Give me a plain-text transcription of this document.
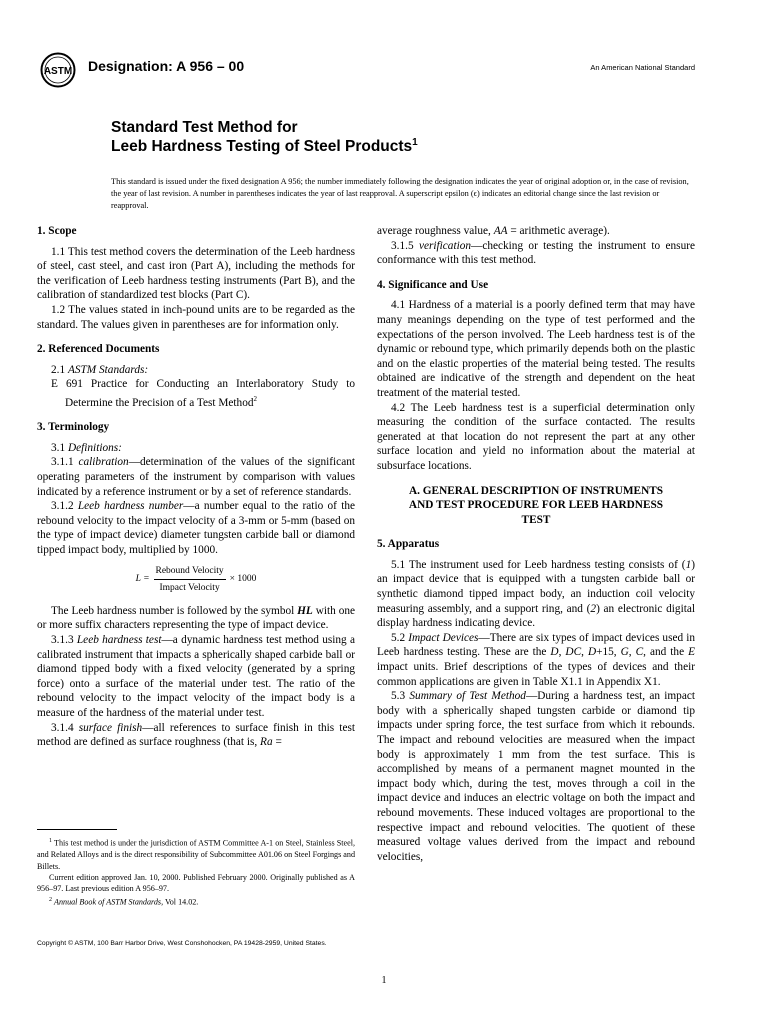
ASTM Designation: A 956 – 00	An American National Standard
Standard Test Method for
Leeb Hardness Testing of Steel Products$^1$
This standard is issued under the fixed designation A 956; the number immediately following the designation indicates the year of original adoption or, in the case of revision, the year of last revision. A number in parentheses indicates the year of last reapproval. A superscript epsilon (ϵ) indicates an editorial change since the last revision or reapproval.

1. Scope

1.1 This test method covers the determination of the Leeb hardness of steel, cast steel, and cast iron (Part A), including the methods for the verification of Leeb hardness testing instruments (Part B), and the calibration of standardized test blocks (Part C).

1.2 The values stated in inch-pound units are to be regarded as the standard. The values given in parentheses are for information only.

2. Referenced Documents

2.1 ASTM Standards:

E 691 Practice for Conducting an Interlaboratory Study to Determine the Precision of a Test Method$^2$

3. Terminology

3.1 Definitions:

3.1.1 calibration—determination of the values of the significant operating parameters of the instrument by comparison with values indicated by a reference instrument or by a set of reference standards.

3.1.2 Leeb hardness number—a number equal to the ratio of the rebound velocity to the impact velocity of a 3-mm or 5-mm (based on the type of impact device) diameter tungsten carbide ball or diamond tipped impact body, multiplied by 1000.

$L = \frac{\text{Rebound Velocity}}{\text{Impact Velocity}} \times 1000$

The Leeb hardness number is followed by the symbol HL with one or more suffix characters representing the type of impact device.

3.1.3 Leeb hardness test—a dynamic hardness test method using a calibrated instrument that impacts a spherically shaped carbide ball or diamond tipped body with a fixed velocity (generated by a spring force) onto a surface of the material under test. The ratio of the rebound velocity to the impact velocity of the impact body is a measure of the hardness of the material under test.

3.1.4 surface finish—all references to surface finish in this test method are defined as surface roughness (that is, Ra =

$^1$ This test method is under the jurisdiction of ASTM Committee A-1 on Steel, Stainless Steel, and Related Alloys and is the direct responsibility of Subcommittee A01.06 on Steel Forgings and Billets.

Current edition approved Jan. 10, 2000. Published February 2000. Originally published as A 956–97. Last previous edition A 956–97.

$^2$ Annual Book of ASTM Standards, Vol 14.02.

average roughness value, AA = arithmetic average).

3.1.5 verification—checking or testing the instrument to ensure conformance with this test method.

4. Significance and Use

4.1 Hardness of a material is a poorly defined term that may have many meanings depending on the type of test performed and the expectations of the person involved. The Leeb hardness test is of the dynamic or rebound type, which primarily depends both on the plastic and on the elastic properties of the material being tested. The results obtained are indicative of the strength and dependent on the heat treatment of the material tested.

4.2 The Leeb hardness test is a superficial determination only measuring the condition of the surface contacted. The results generated at that location do not represent the part at any other surface location and yield no information about the material at subsurface locations.

A. GENERAL DESCRIPTION OF INSTRUMENTS AND TEST PROCEDURE FOR LEEB HARDNESS TEST

5. Apparatus

5.1 The instrument used for Leeb hardness testing consists of (1) an impact device that is equipped with a tungsten carbide ball or synthetic diamond tipped impact body, an induction coil velocity measuring assembly, and a support ring, and (2) an electronic digital display hardness indicating device.

5.2 Impact Devices—There are six types of impact devices used in Leeb hardness testing. These are the D, DC, D+15, G, C, and the E impact units. Brief descriptions of the types of devices and their common applications are given in Table X1.1 in Appendix X1.

5.3 Summary of Test Method—During a hardness test, an impact body with a spherically shaped tungsten carbide or diamond tip impacts under spring force, the test surface from which it rebounds. The impact and rebound velocities are measured when the impact body is approximately 1 mm from the test surface. This is accomplished by means of a permanent magnet mounted in the impact body which, during the test, moves through a coil in the impact device and induces an electric voltage on both the impact and rebound movements. These induced voltages are proportional to the respective impact and rebound velocities. The quotient of these measured voltage values derived from the impact and rebound velocities,

Copyright © ASTM, 100 Barr Harbor Drive, West Conshohocken, PA 19428-2959, United States.
1
